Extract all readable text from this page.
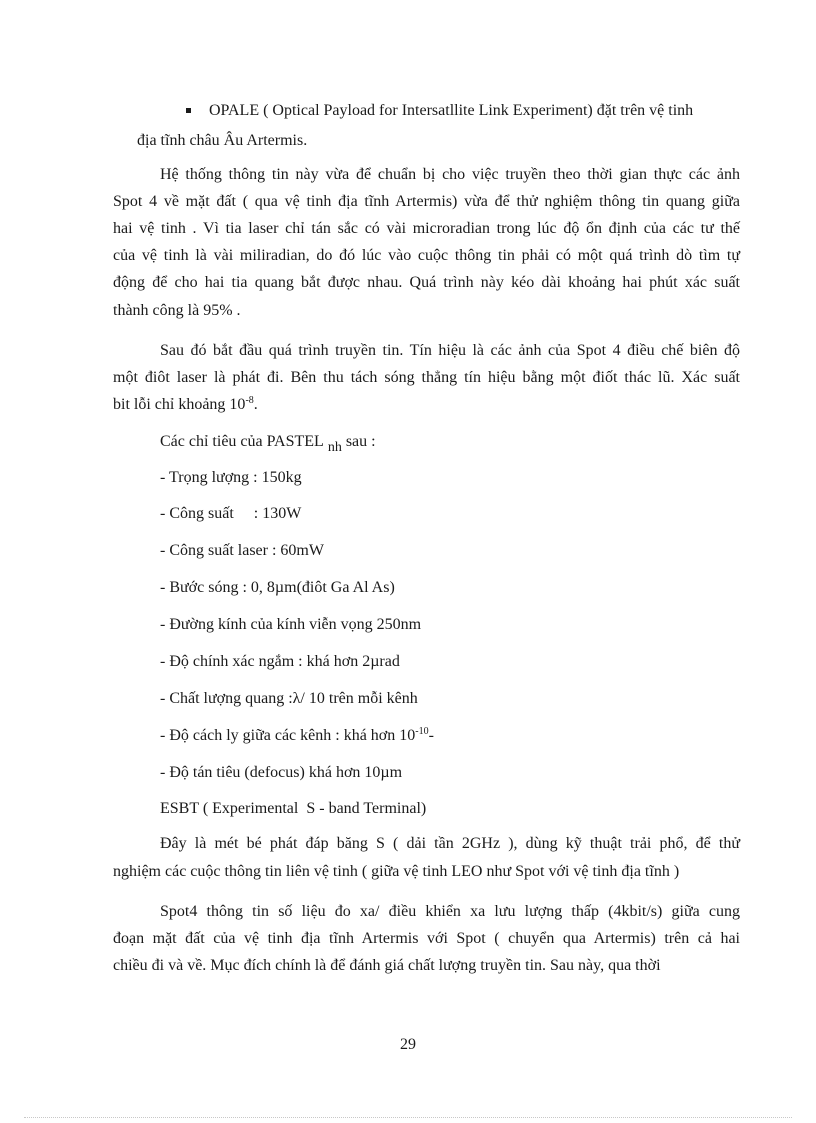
OPALE ( Optical Payload for Intersatllite Link Experiment) đặt trên vệ tinh
địa tĩnh châu Âu Artermis.
Hệ thống thông tin này vừa để chuẩn bị cho việc truyền theo thời gian thực các ảnh
Spot 4 về mặt đất ( qua vệ tinh địa tĩnh Artermis) vừa để thử nghiệm thông tin quang giữa
hai vệ tinh . Vì tia laser chỉ tán sắc có vài microradian trong lúc độ ổn định của các tư thế
của vệ tinh là vài miliradian, do đó lúc vào cuộc thông tin phải có một quá trình dò tìm tự
động để cho hai tia quang bắt được nhau. Quá trình này kéo dài khoảng hai phút xác suất
thành công là 95% .
Sau đó bắt đầu quá trình truyền tin. Tín hiệu là các ảnh của Spot 4 điều chế biên độ
một điôt laser là phát đi. Bên thu tách sóng thẳng tín hiệu bằng một điốt thác lũ. Xác suất
bit lỗi chỉ khoảng $10^{-8}$.
Các chỉ tiêu của PASTEL $_{nh}$ sau :
- Trọng lượng : 150kg
- Công suất     : 130W
- Công suất laser : 60mW
- Bước sóng : 0, 8µm(điôt Ga Al As)
- Đường kính của kính viễn vọng 250nm
- Độ chính xác ngắm : khá hơn 2µrad
- Chất lượng quang :λ/ 10 trên mỗi kênh
- Độ cách ly giữa các kênh : khá hơn $10^{-10}-$
- Độ tán tiêu (defocus) khá hơn 10µm
ESBT ( Experimental  S - band Terminal)
Đây là mét bé phát đáp băng S ( dải tần 2GHz ), dùng kỹ thuật trải phổ, để thử
nghiệm các cuộc thông tin liên vệ tinh ( giữa vệ tinh LEO như Spot với vệ tinh địa tĩnh )
Spot4 thông tin số liệu đo xa/ điều khiển xa lưu lượng thấp (4kbit/s) giữa cung
đoạn mặt đất của vệ tinh địa tĩnh Artermis với Spot ( chuyển qua Artermis) trên cả hai
chiều đi và về. Mục đích chính là để đánh giá chất lượng truyền tin. Sau này, qua thời
29
